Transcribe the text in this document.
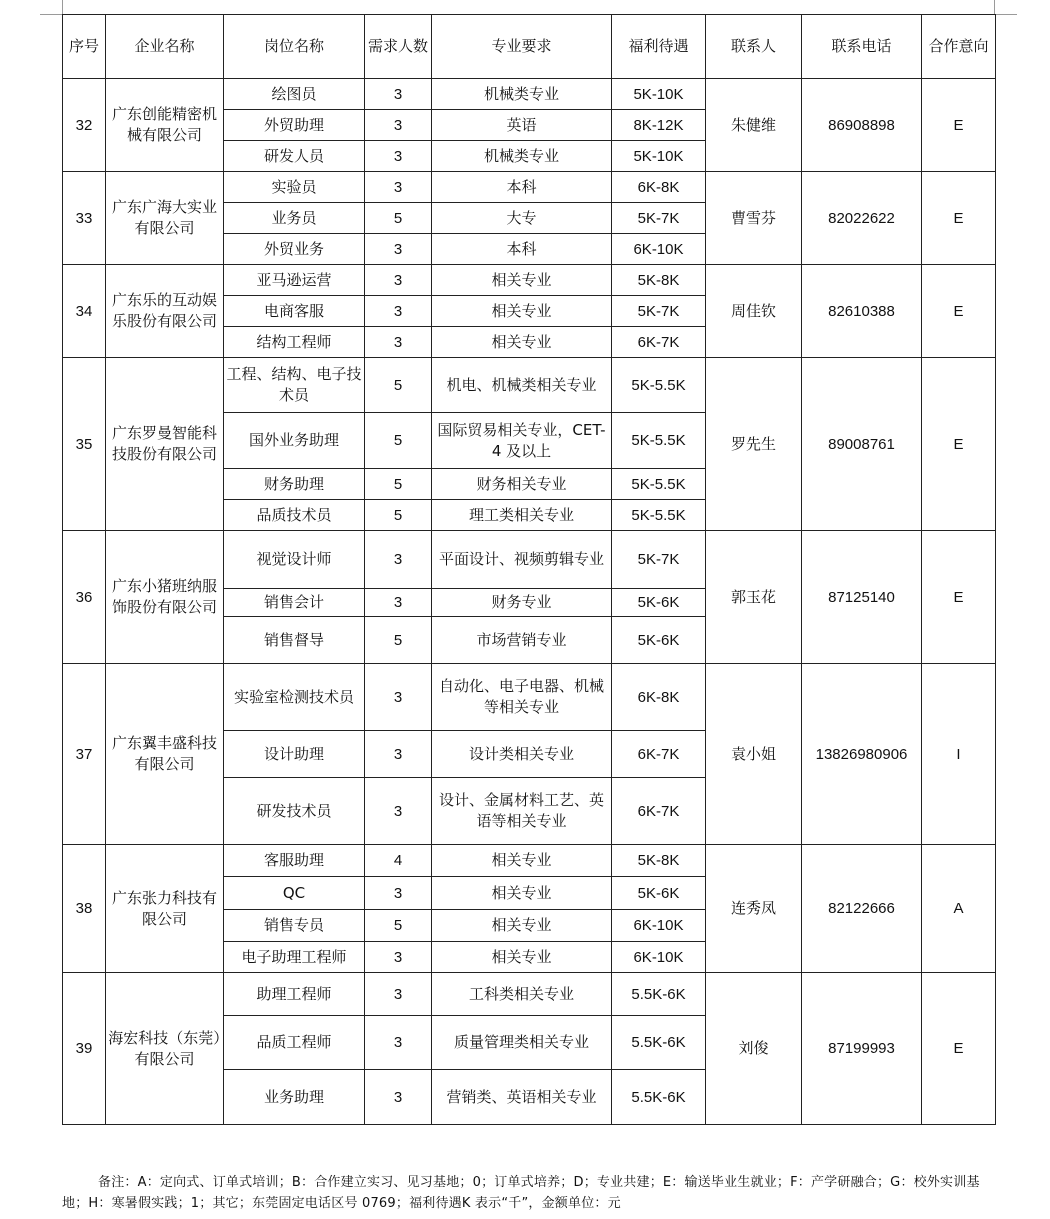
序号	企业名称	岗位名称	需求人数	专业要求	福利待遇	联系人	联系电话	合作意向
32	广东创能精密机械有限公司	绘图员	3	机械类专业	5K-10K	朱健维	86908898	E
		外贸助理	3	英语	8K-12K			
		研发人员	3	机械类专业	5K-10K			
33	广东广海大实业有限公司	实验员	3	本科	6K-8K	曹雪芬	82022622	E
		业务员	5	大专	5K-7K			
		外贸业务	3	本科	6K-10K			
34	广东乐的互动娱乐股份有限公司	亚马逊运营	3	相关专业	5K-8K	周佳钦	82610388	E
		电商客服	3	相关专业	5K-7K			
		结构工程师	3	相关专业	6K-7K			
35	广东罗曼智能科技股份有限公司	工程、结构、电子技术员	5	机电、机械类相关专业	5K-5.5K	罗先生	89008761	E
		国外业务助理	5	国际贸易相关专业，CET-4 及以上	5K-5.5K			
		财务助理	5	财务相关专业	5K-5.5K			
		品质技术员	5	理工类相关专业	5K-5.5K			
36	广东小猪班纳服饰股份有限公司	视觉设计师	3	平面设计、视频剪辑专业	5K-7K	郭玉花	87125140	E
		销售会计	3	财务专业	5K-6K			
		销售督导	5	市场营销专业	5K-6K			
37	广东翼丰盛科技有限公司	实验室检测技术员	3	自动化、电子电器、机械等相关专业	6K-8K	袁小姐	13826980906	I
		设计助理	3	设计类相关专业	6K-7K			
		研发技术员	3	设计、金属材料工艺、英语等相关专业	6K-7K			
38	广东张力科技有限公司	客服助理	4	相关专业	5K-8K	连秀凤	82122666	A
		QC	3	相关专业	5K-6K			
		销售专员	5	相关专业	6K-10K			
		电子助理工程师	3	相关专业	6K-10K			
39	海宏科技（东莞）有限公司	助理工程师	3	工科类相关专业	5.5K-6K	刘俊	87199993	E
		品质工程师	3	质量管理类相关专业	5.5K-6K			
		业务助理	3	营销类、英语相关专业	5.5K-6K			
备注：A：定向式、订单式培训；B：合作建立实习、见习基地；0；订单式培养；D；专业共建；E：输送毕业生就业；F：产学研融合；G：校外实训基地；H：寒暑假实践；1；其它；东莞固定电话区号 0769；福利待遇K 表示“千”，金额单位：元
